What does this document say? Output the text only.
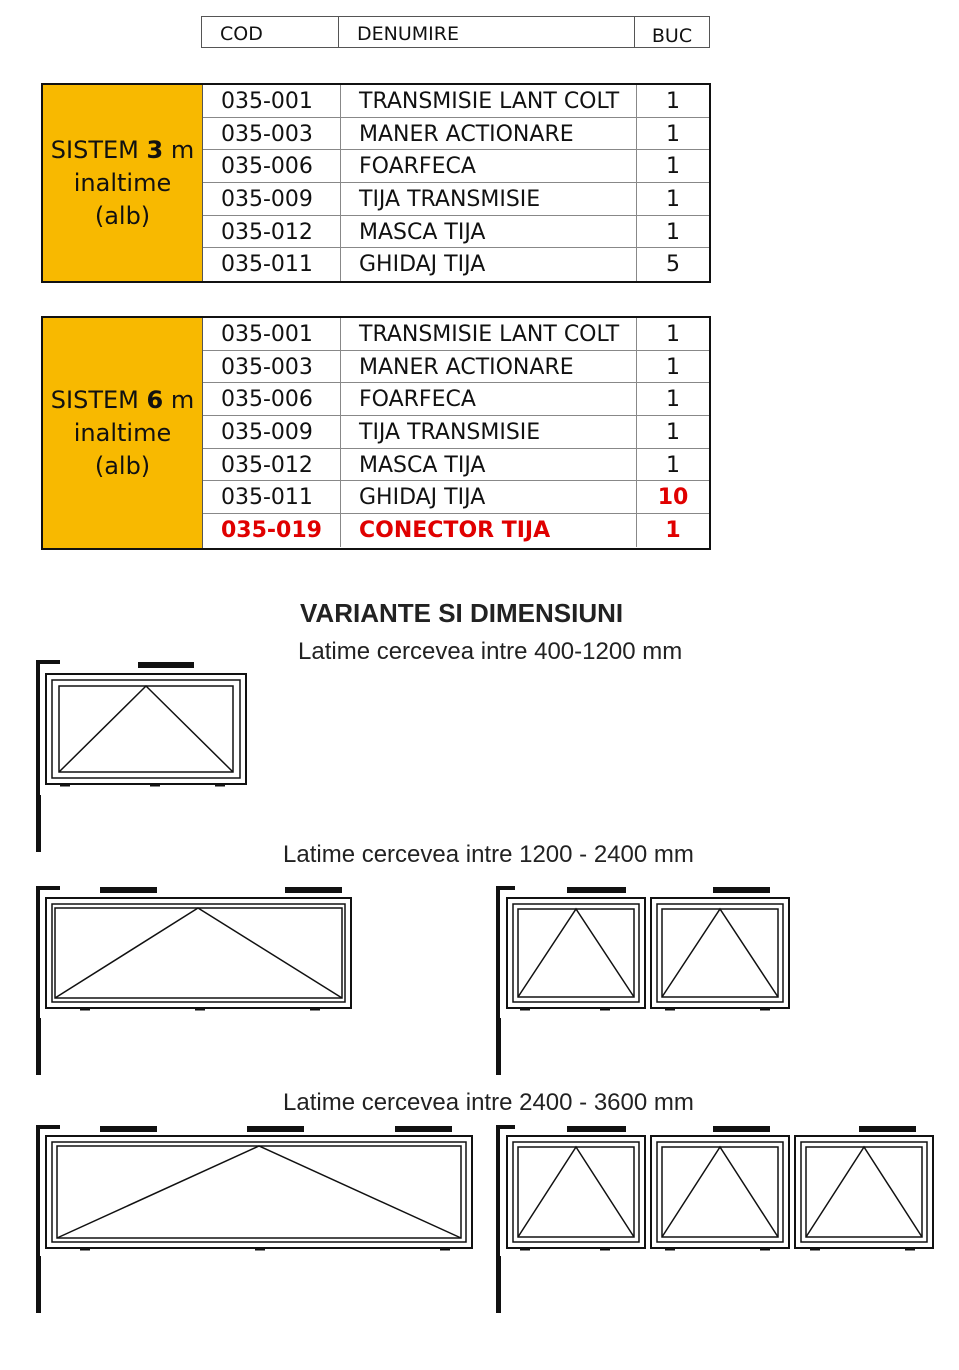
COD	DENUMIRE	BUC
SISTEM 3 m
inaltime (alb)
035-001	TRANSMISIE LANT COLT	1
035-003	MANER ACTIONARE	1
035-006	FOARFECA	1
035-009	TIJA TRANSMISIE	1
035-012	MASCA TIJA	1
035-011	GHIDAJ TIJA	5
SISTEM 6 m
inaltime (alb)
035-001	TRANSMISIE LANT COLT	1
035-003	MANER ACTIONARE	1
035-006	FOARFECA	1
035-009	TIJA TRANSMISIE	1
035-012	MASCA TIJA	1
035-011	GHIDAJ TIJA	10
035-019	CONECTOR TIJA	1
VARIANTE SI DIMENSIUNI
Latime cercevea intre 400-1200 mm
Latime cercevea intre 1200 - 2400 mm
Latime cercevea intre 2400 - 3600 mm
